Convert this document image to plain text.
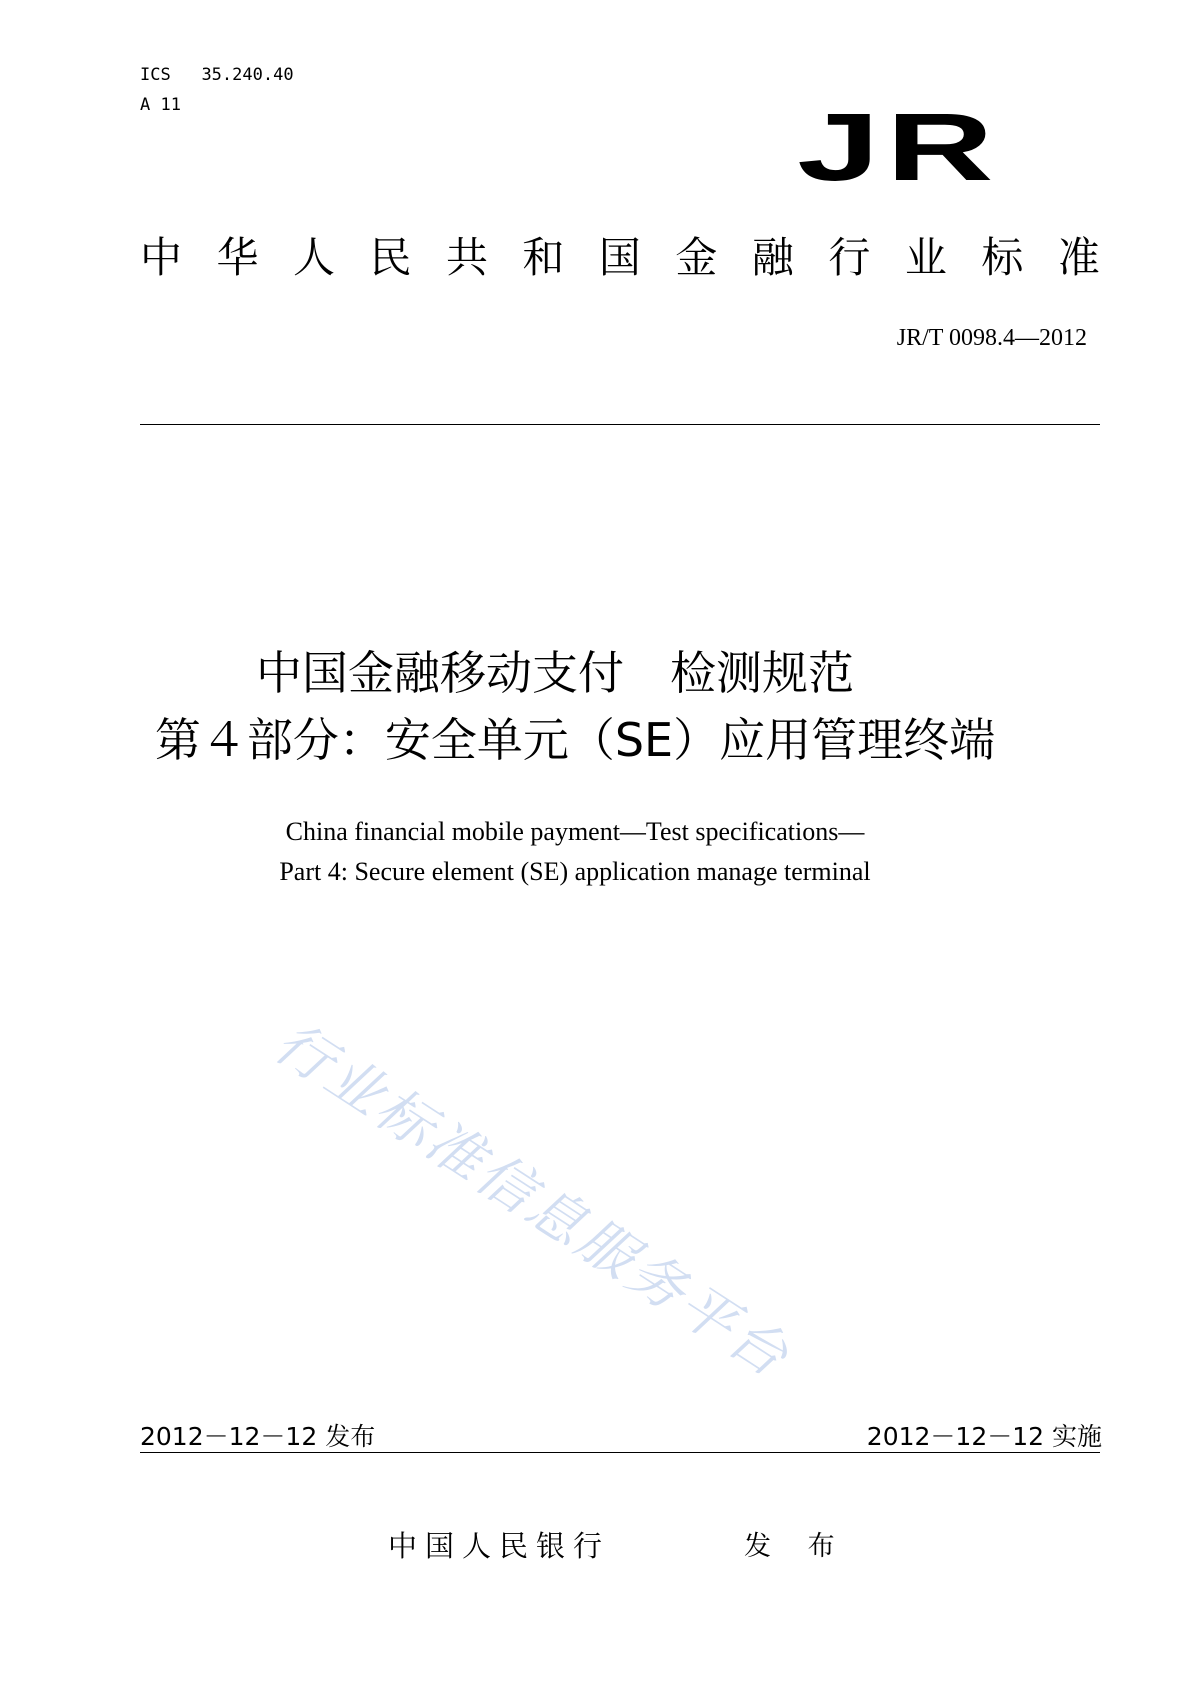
ICS 35.240.40
A 11	JR
中 华 人 民 共 和 国 金 融 行 业 标 准
JR/T 0098.4—2012
中国金融移动支付　检测规范
第４部分：安全单元（SE）应用管理终端
China financial mobile payment—Test specifications—
Part 4: Secure element (SE) application manage terminal
行业标准信息服务平台
2012－12－12 发布	2012－12－12 实施
中国人民银行	发 布
